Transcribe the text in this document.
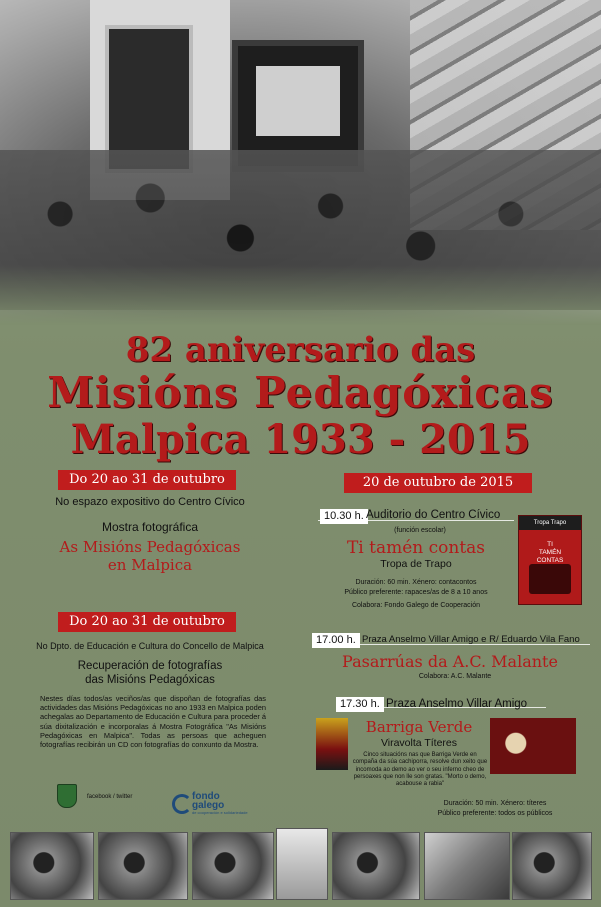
82 aniversario das
Misións Pedagóxicas
Malpica 1933 - 2015
Do 20 ao 31 de outubro
No espazo expositivo do Centro Cívico
Mostra fotográfica
As Misións Pedagóxicas
en Malpica
Do 20 ao 31 de outubro
No Dpto. de Educación e Cultura do Concello de Malpica
Recuperación de fotografías
das Misións Pedagóxicas
Nestes días todos/as veciños/as que dispoñan de fotografías das actividades das Misións Pedagóxicas no ano 1933 en Malpica poden achegalas ao Departamento de Educación e Cultura para proceder á súa dixitalización e incorporalas á Mostra Fotográfica "As Misións Pedagóxicas en Malpica". Todas as persoas que acheguen fotografías recibirán un CD con fotografías do conxunto da Mostra.
facebook / twitter	fondo
galego
de cooperación e solidariedade
20 de outubro de 2015
10.30 h. Auditorio do Centro Cívico
(función escolar)
Ti tamén contas
Tropa de Trapo
Duración: 60 min. Xénero: contacontos
Público preferente: rapaces/as de 8 a 10 anos
Colabora: Fondo Galego de Cooperación
Tropa Trapo
TI
TAMÉN
CONTAS
17.00 h. Praza Anselmo Villar Amigo e R/ Eduardo Vila Fano
Pasarrúas da A.C. Malante
Colabora: A.C. Malante
17.30 h. Praza Anselmo Villar Amigo
Barriga Verde
Viravolta Títeres
Cinco situacións nas que Barriga Verde en compaña da súa cachiporra, resolve dun xeito que incomoda ao demo ao ver o seu inferno cheo de persoaxes que non lle son gratas. "Morto o demo, acabouse a rabia"
Duración: 50 min. Xénero: títeres
Público preferente: todos os públicos
